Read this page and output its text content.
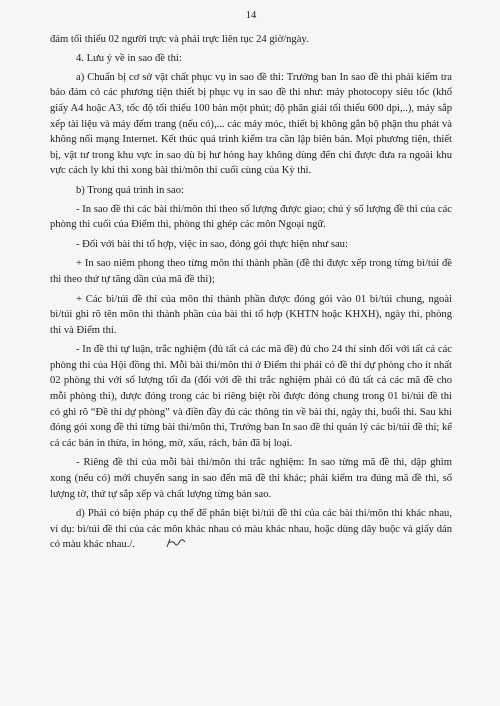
14

đảm tối thiểu 02 người trực và phải trực liên tục 24 giờ/ngày.

4. Lưu ý về in sao đề thi:

a) Chuẩn bị cơ sở vật chất phục vụ in sao đề thi: Trưởng ban In sao đề thi phải kiểm tra bảo đảm có các phương tiện thiết bị phục vụ in sao đề thi như: máy photocopy siêu tốc (khổ giấy A4 hoặc A3, tốc độ tối thiểu 100 bản một phút; độ phân giải tối thiểu 600 dpi,..), máy sắp xếp tài liệu và máy đếm trang (nếu có),... các máy móc, thiết bị không gắn bộ phận thu phát và không nối mạng Internet. Kết thúc quá trình kiểm tra cần lập biên bản. Mọi phương tiện, thiết bị, vật tư trong khu vực in sao dù bị hư hỏng hay không dùng đến chỉ được đưa ra ngoài khu vực cách ly khi thi xong bài thi/môn thi cuối cùng của Kỳ thi.

b) Trong quá trình in sao:

- In sao đề thi các bài thi/môn thi theo số lượng được giao; chú ý số lượng đề thi của các phòng thi cuối của Điểm thi, phòng thi ghép các môn Ngoại ngữ.

- Đối với bài thi tổ hợp, việc in sao, đóng gói thực hiện như sau:

+ In sao niêm phong theo từng môn thi thành phần (đề thi được xếp trong từng bì/túi đề thi theo thứ tự tăng dần của mã đề thi);

+ Các bì/túi đề thi của môn thi thành phần được đóng gói vào 01 bì/túi chung, ngoài bì/túi ghi rõ tên môn thi thành phần của bài thi tổ hợp (KHTN hoặc KHXH), ngày thi, phòng thi và Điểm thi.

- In đề thi tự luận, trắc nghiệm (đủ tất cả các mã đề) đủ cho 24 thí sinh đối với tất cả các phòng thi của Hội đồng thi. Mỗi bài thi/môn thi ở Điểm thi phải có đề thi dự phòng cho ít nhất 02 phòng thi với số lượng tối đa (đối với đề thi trắc nghiệm phải có đủ tất cả các mã đề cho mỗi phòng thi), được đóng trong các bì riêng biệt rồi được đóng chung trong 01 bì/túi đề thi có ghi rõ “Đề thi dự phòng” và điền đầy đủ các thông tin về bài thi, ngày thi, buổi thi. Sau khi đóng gói xong đề thi từng bài thi/môn thi, Trưởng ban In sao đề thi quản lý các bì/túi đề thi; kể cả các bản in thừa, in hỏng, mờ, xấu, rách, bản đã bị loại.

- Riêng đề thi của mỗi bài thi/môn thi trắc nghiệm: In sao từng mã đề thi, dập ghim xong (nếu có) mới chuyển sang in sao đến mã đề thi khác; phải kiểm tra đúng mã đề thi, số lượng tờ, thứ tự sắp xếp và chất lượng từng bản sao.

d) Phải có biện pháp cụ thể để phân biệt bì/túi đề thi của các bài thi/môn thi khác nhau, ví dụ: bì/túi đề thi của các môn khác nhau có màu khác nhau, hoặc dùng dây buộc và giấy dán có màu khác nhau./.
